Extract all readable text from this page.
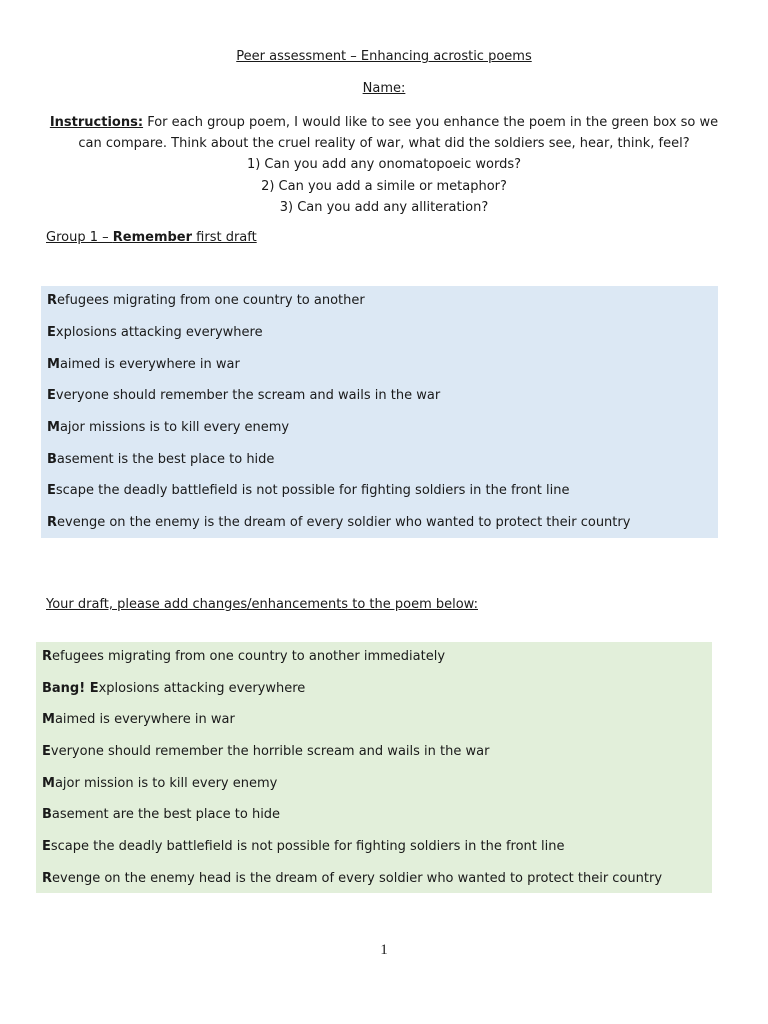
Peer assessment – Enhancing acrostic poems
Name:
Instructions: For each group poem, I would like to see you enhance the poem in the green box so we can compare. Think about the cruel reality of war, what did the soldiers see, hear, think, feel?
1) Can you add any onomatopoeic words?
2) Can you add a simile or metaphor?
3) Can you add any alliteration?
Group 1 – Remember first draft
Refugees migrating from one country to another
Explosions attacking everywhere
Maimed is everywhere in war
Everyone should remember the scream and wails in the war
Major missions is to kill every enemy
Basement is the best place to hide
Escape the deadly battlefield is not possible for fighting soldiers in the front line
Revenge on the enemy is the dream of every soldier who wanted to protect their country
Your draft, please add changes/enhancements to the poem below:
Refugees migrating from one country to another immediately
Bang! Explosions attacking everywhere
Maimed is everywhere in war
Everyone should remember the horrible scream and wails in the war
Major mission is to kill every enemy
Basement are the best place to hide
Escape the deadly battlefield is not possible for fighting soldiers in the front line
Revenge on the enemy head is the dream of every soldier who wanted to protect their country
1
